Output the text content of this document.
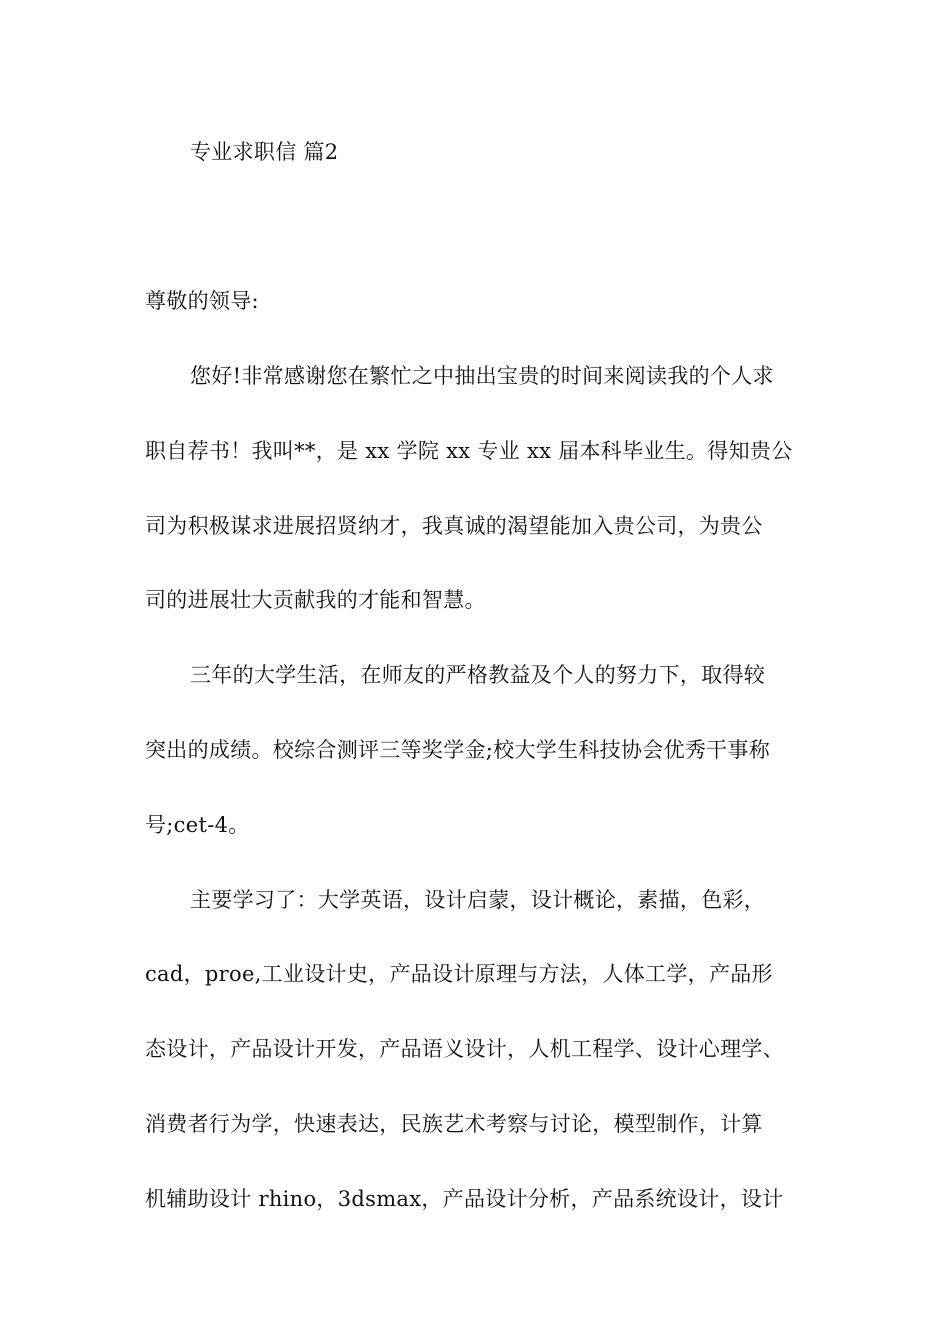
专业求职信 篇2
尊敬的领导:
您好!非常感谢您在繁忙之中抽出宝贵的时间来阅读我的个人求
职自荐书！我叫**，是 xx 学院 xx 专业 xx 届本科毕业生。得知贵公
司为积极谋求进展招贤纳才，我真诚的渴望能加入贵公司，为贵公
司的进展壮大贡献我的才能和智慧。
三年的大学生活，在师友的严格教益及个人的努力下，取得较
突出的成绩。校综合测评三等奖学金;校大学生科技协会优秀干事称
号;cet-4。
主要学习了：大学英语，设计启蒙，设计概论，素描，色彩，
cad，proe,工业设计史，产品设计原理与方法，人体工学，产品形
态设计，产品设计开发，产品语义设计，人机工程学、设计心理学、
消费者行为学，快速表达，民族艺术考察与讨论，模型制作，计算
机辅助设计 rhino，3dsmax，产品设计分析，产品系统设计，设计
